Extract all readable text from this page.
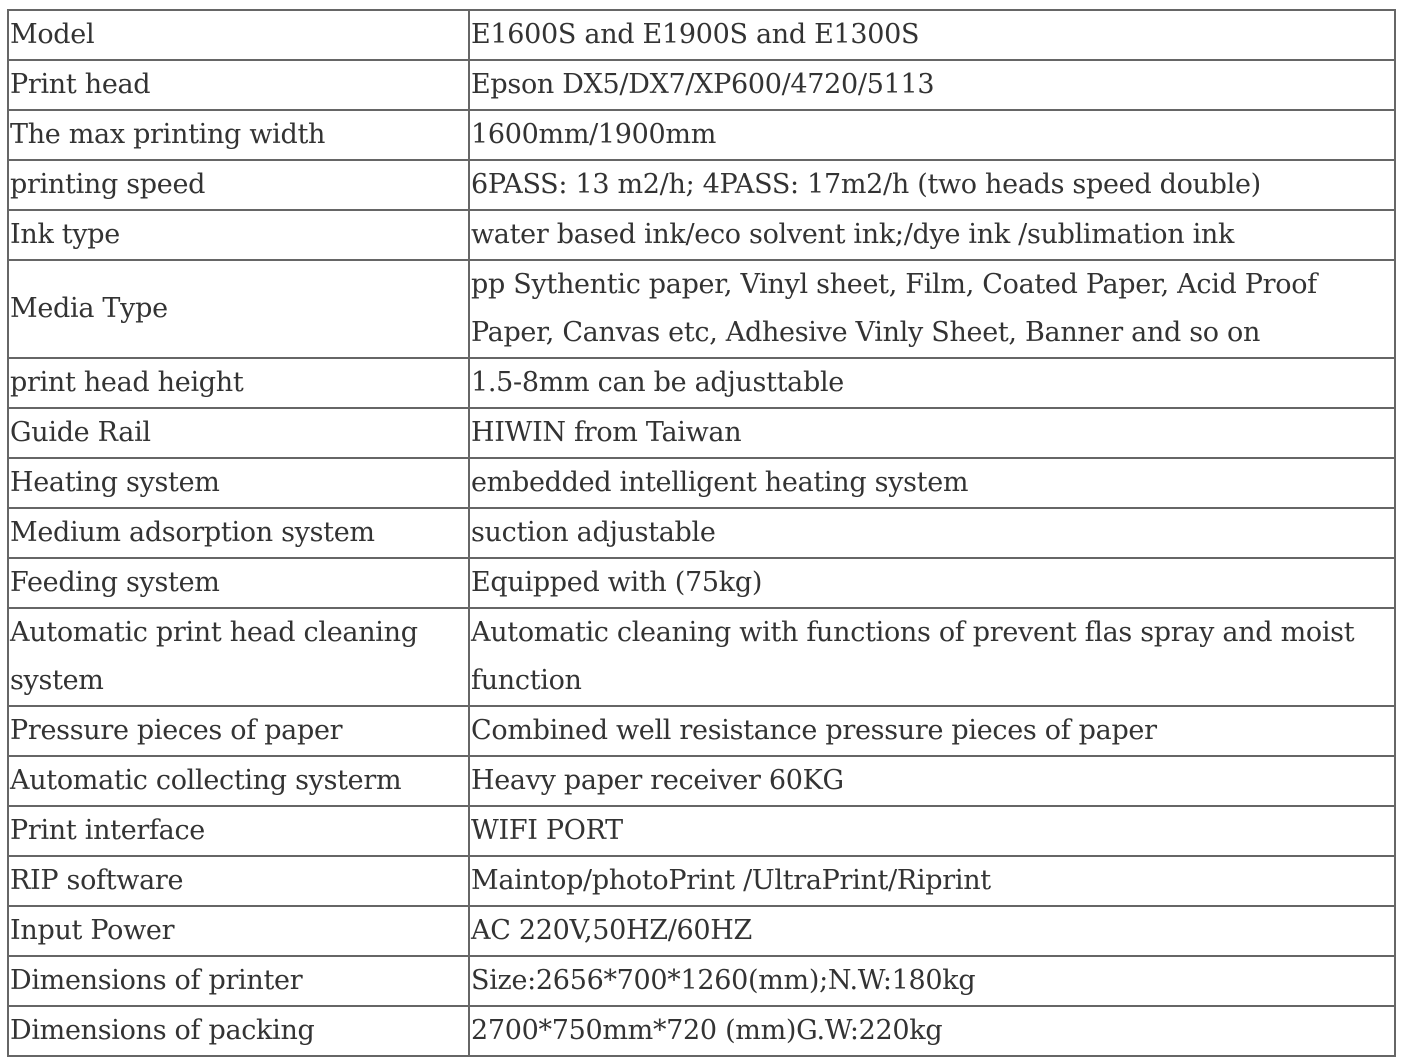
Model	E1600S and E1900S and E1300S
Print head	Epson DX5/DX7/XP600/4720/5113
The max printing width	1600mm/1900mm
printing speed	6PASS: 13 m2/h; 4PASS: 17m2/h (two heads speed double)
Ink type	water based ink/eco solvent ink;/dye ink /sublimation ink
Media Type	pp Sythentic paper, Vinyl sheet, Film, Coated Paper, Acid Proof Paper, Canvas etc, Adhesive Vinly Sheet, Banner and so on
print head height	1.5-8mm can be adjusttable
Guide Rail	HIWIN from Taiwan
Heating system	embedded intelligent heating system
Medium adsorption system	suction adjustable
Feeding system	Equipped with (75kg)
Automatic print head cleaning system	Automatic cleaning with functions of prevent flas spray and moist function
Pressure pieces of paper	Combined well resistance pressure pieces of paper
Automatic collecting systerm	Heavy paper receiver 60KG
Print interface	WIFI PORT
RIP software	Maintop/photoPrint /UltraPrint/Riprint
Input Power	AC 220V,50HZ/60HZ
Dimensions of printer	Size:2656*700*1260(mm);N.W:180kg
Dimensions of packing	2700*750mm*720 (mm)G.W:220kg
